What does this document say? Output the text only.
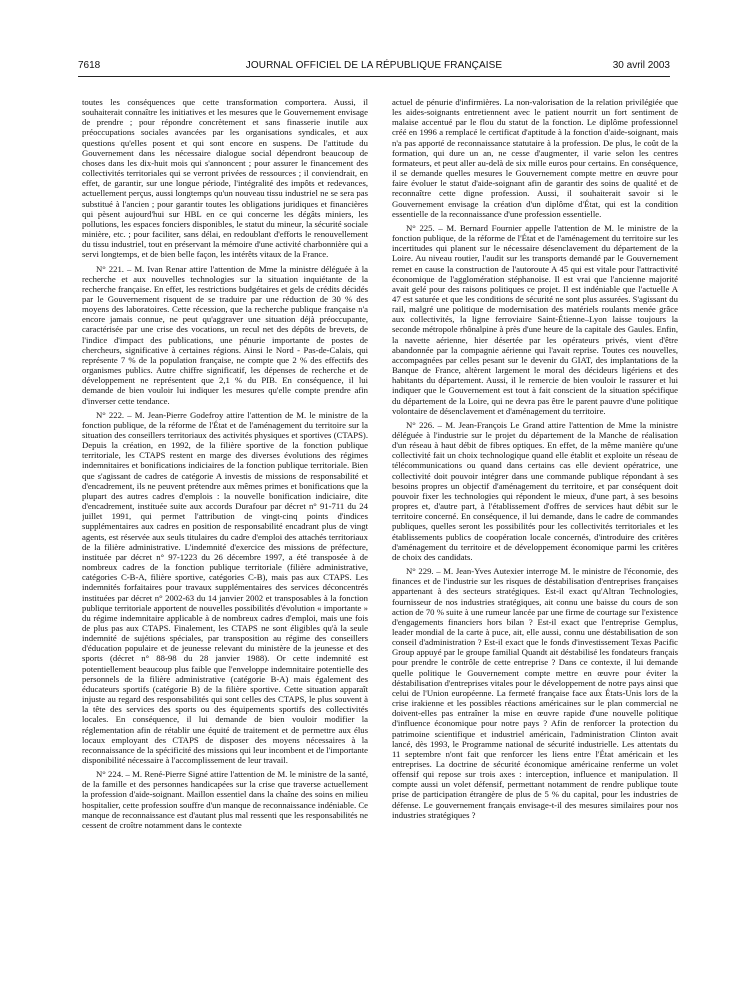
7618	JOURNAL OFFICIEL DE LA RÉPUBLIQUE FRANÇAISE	30 avril 2003

toutes les conséquences que cette transformation comportera. Aussi, il souhaiterait connaître les initiatives et les mesures que le Gouvernement envisage de prendre ; pour répondre concrètement et sans finasserie inutile aux préoccupations sociales avancées par les organisations syndicales, et aux questions qu'elles posent et qui sont encore en suspens. De l'attitude du Gouvernement dans les nécessaire dialogue social dépendront beaucoup de choses dans les dix-huit mois qui s'annoncent ; pour assurer le financement des collectivités territoriales qui se verront privées de ressources ; il conviendrait, en effet, de garantir, sur une longue période, l'intégralité des impôts et redevances, actuellement perçus, aussi longtemps qu'un nouveau tissu industriel ne se sera pas substitué à l'ancien ; pour garantir toutes les obligations juridiques et financières qui pèsent aujourd'hui sur HBL en ce qui concerne les dégâts miniers, les pollutions, les espaces fonciers disponibles, le statut du mineur, la sécurité sociale minière, etc. ; pour faciliter, sans délai, en redoublant d'efforts le renouvellement du tissu industriel, tout en préservant la mémoire d'une activité charbonnière qui a servi longtemps, et de bien belle façon, les intérêts vitaux de la France.

N° 221. – M. Ivan Renar attire l'attention de Mme la ministre déléguée à la recherche et aux nouvelles technologies sur la situation inquiétante de la recherche française. En effet, les restrictions budgétaires et gels de crédits décidés par le Gouvernement risquent de se traduire par une réduction de 30 % des moyens des laboratoires. Cette récession, que la recherche publique française n'a encore jamais connue, ne peut qu'aggraver une situation déjà préoccupante, caractérisée par une crise des vocations, un recul net des dépôts de brevets, de l'indice d'impact des publications, une pénurie importante de postes de chercheurs, significative à certaines régions. Ainsi le Nord - Pas-de-Calais, qui représente 7 % de la population française, ne compte que 2 % des effectifs des organismes publics. Autre chiffre significatif, les dépenses de recherche et de développement ne représentent que 2,1 % du PIB. En conséquence, il lui demande de bien vouloir lui indiquer les mesures qu'elle compte prendre afin d'inverser cette tendance.

N° 222. – M. Jean-Pierre Godefroy attire l'attention de M. le ministre de la fonction publique, de la réforme de l'État et de l'aménagement du territoire sur la situation des conseillers territoriaux des activités physiques et sportives (CTAPS). Depuis la création, en 1992, de la filière sportive de la fonction publique territoriale, les CTAPS restent en marge des diverses évolutions des régimes indemnitaires et bonifications indiciaires de la fonction publique territoriale. Bien que s'agissant de cadres de catégorie A investis de missions de responsabilité et d'encadrement, ils ne peuvent prétendre aux mêmes primes et bonifications que la plupart des autres cadres d'emplois : la nouvelle bonification indiciaire, dite d'encadrement, instituée suite aux accords Durafour par décret n° 91-711 du 24 juillet 1991, qui permet l'attribution de vingt-cinq points d'indices supplémentaires aux cadres en position de responsabilité encadrant plus de vingt agents, est réservée aux seuls titulaires du cadre d'emploi des attachés territoriaux de la filière administrative. L'indemnité d'exercice des missions de préfecture, instituée par décret n° 97-1223 du 26 décembre 1997, a été transposée à de nombreux cadres de la fonction publique territoriale (filière administrative, catégories C-B-A, filière sportive, catégories C-B), mais pas aux CTAPS. Les indemnités forfaitaires pour travaux supplémentaires des services déconcentrés instituées par décret n° 2002-63 du 14 janvier 2002 et transposables à la fonction publique territoriale apportent de nouvelles possibilités d'évolution « importante » du régime indemnitaire applicable à de nombreux cadres d'emploi, mais une fois de plus pas aux CTAPS. Finalement, les CTAPS ne sont éligibles qu'à la seule indemnité de sujétions spéciales, par transposition au régime des conseillers d'éducation populaire et de jeunesse relevant du ministère de la jeunesse et des sports (décret n° 88-98 du 28 janvier 1988). Or cette indemnité est potentiellement beaucoup plus faible que l'enveloppe indemnitaire potentielle des personnels de la filière administrative (catégorie B-A) mais également des éducateurs sportifs (catégorie B) de la filière sportive. Cette situation apparaît injuste au regard des responsabilités qui sont celles des CTAPS, le plus souvent à la tête des services des sports ou des équipements sportifs des collectivités locales. En conséquence, il lui demande de bien vouloir modifier la réglementation afin de rétablir une équité de traitement et de permettre aux élus locaux employant des CTAPS de disposer des moyens nécessaires à la reconnaissance de la spécificité des missions qui leur incombent et de l'importante disponibilité nécessaire à l'accomplissement de leur travail.

N° 224. – M. René-Pierre Signé attire l'attention de M. le ministre de la santé, de la famille et des personnes handicapées sur la crise que traverse actuellement la profession d'aide-soignant. Maillon essentiel dans la chaîne des soins en milieu hospitalier, cette profession souffre d'un manque de reconnaissance indéniable. Ce manque de reconnaissance est d'autant plus mal ressenti que les responsabilités ne cessent de croître notamment dans le contexte

actuel de pénurie d'infirmières. La non-valorisation de la relation privilégiée que les aides-soignants entretiennent avec le patient nourrit un fort sentiment de malaise accentué par le flou du statut de la fonction. Le diplôme professionnel créé en 1996 a remplacé le certificat d'aptitude à la fonction d'aide-soignant, mais n'a pas apporté de reconnaissance statutaire à la profession. De plus, le coût de la formation, qui dure un an, ne cesse d'augmenter, il varie selon les centres formateurs, et peut aller au-delà de six mille euros pour certains. En conséquence, il se demande quelles mesures le Gouvernement compte mettre en œuvre pour faire évoluer le statut d'aide-soignant afin de garantir des soins de qualité et de reconnaître cette digne profession. Aussi, il souhaiterait savoir si le Gouvernement envisage la création d'un diplôme d'État, qui est la condition essentielle de la reconnaissance d'une profession essentielle.

N° 225. – M. Bernard Fournier appelle l'attention de M. le ministre de la fonction publique, de la réforme de l'État et de l'aménagement du territoire sur les incertitudes qui planent sur le nécessaire désenclavement du département de la Loire. Au niveau routier, l'audit sur les transports demandé par le Gouvernement remet en cause la construction de l'autoroute A 45 qui est vitale pour l'attractivité économique de l'agglomération stéphanoise. Il est vrai que l'ancienne majorité avait gelé pour des raisons politiques ce projet. Il est indéniable que l'actuelle A 47 est saturée et que les conditions de sécurité ne sont plus assurées. S'agissant du rail, malgré une politique de modernisation des matériels roulants menée grâce aux collectivités, la ligne ferroviaire Saint-Étienne–Lyon laisse toujours la seconde métropole rhônalpine à près d'une heure de la capitale des Gaules. Enfin, la navette aérienne, hier désertée par les opérateurs privés, vient d'être abandonnée par la compagnie aérienne qui l'avait reprise. Toutes ces nouvelles, accompagnées par celles pesant sur le devenir du GIAT, des implantations de la Banque de France, altèrent largement le moral des décideurs ligériens et des habitants du département. Aussi, il le remercie de bien vouloir le rassurer et lui indiquer que le Gouvernement est tout à fait conscient de la situation spécifique du département de la Loire, qui ne devra pas être le parent pauvre d'une politique volontaire de désenclavement et d'aménagement du territoire.

N° 226. – M. Jean-François Le Grand attire l'attention de Mme la ministre déléguée à l'industrie sur le projet du département de la Manche de réalisation d'un réseau à haut débit de fibres optiques. En effet, de la même manière qu'une collectivité fait un choix technologique quand elle établit et exploite un réseau de télécommunications ou quand dans certains cas elle devient opératrice, une collectivité doit pouvoir intégrer dans une commande publique répondant à ses besoins propres un objectif d'aménagement du territoire, et par conséquent doit pouvoir fixer les technologies qui répondent le mieux, d'une part, à ses besoins propres et, d'autre part, à l'établissement d'offres de services haut débit sur le territoire concerné. En conséquence, il lui demande, dans le cadre de commandes publiques, quelles seront les possibilités pour les collectivités territoriales et les établissements publics de coopération locale concernés, d'introduire des critères d'aménagement du territoire et de développement économique parmi les critères de choix des candidats.

N° 229. – M. Jean-Yves Autexier interroge M. le ministre de l'économie, des finances et de l'industrie sur les risques de déstabilisation d'entreprises françaises appartenant à des secteurs stratégiques. Est-il exact qu'Altran Technologies, fournisseur de nos industries stratégiques, ait connu une baisse du cours de son action de 70 % suite à une rumeur lancée par une firme de courtage sur l'existence d'engagements financiers hors bilan ? Est-il exact que l'entreprise Gemplus, leader mondial de la carte à puce, ait, elle aussi, connu une déstabilisation de son conseil d'administration ? Est-il exact que le fonds d'investissement Texas Pacific Group appuyé par le groupe familial Quandt ait déstabilisé les fondateurs français pour prendre le contrôle de cette entreprise ? Dans ce contexte, il lui demande quelle politique le Gouvernement compte mettre en œuvre pour éviter la déstabilisation d'entreprises vitales pour le développement de notre pays ainsi que celui de l'Union européenne. La fermeté française face aux États-Unis lors de la crise irakienne et les possibles réactions américaines sur le plan commercial ne doivent-elles pas entraîner la mise en œuvre rapide d'une nouvelle politique d'influence économique pour notre pays ? Afin de renforcer la protection du patrimoine scientifique et industriel américain, l'administration Clinton avait lancé, dès 1993, le Programme national de sécurité industrielle. Les attentats du 11 septembre n'ont fait que renforcer les liens entre l'État américain et les entreprises. La doctrine de sécurité économique américaine renferme un volet offensif qui repose sur trois axes : interception, influence et manipulation. Il compte aussi un volet défensif, permettant notamment de rendre publique toute prise de participation étrangère de plus de 5 % du capital, pour les industries de défense. Le gouvernement français envisage-t-il des mesures similaires pour nos industries stratégiques ?
